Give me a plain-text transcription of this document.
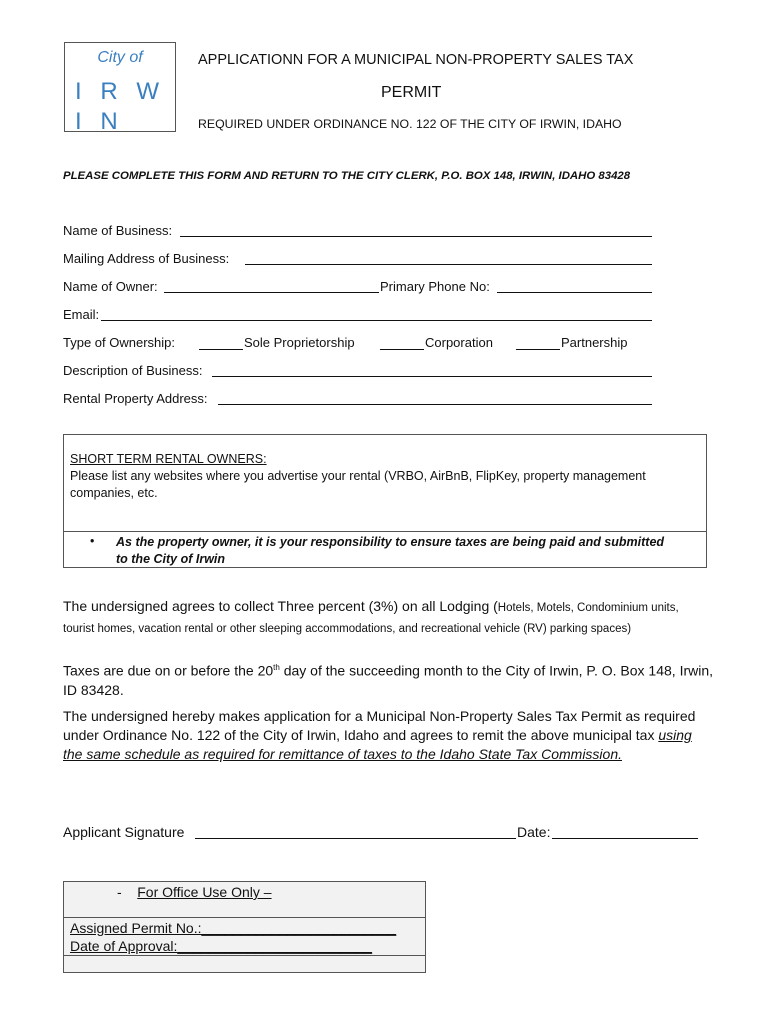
City of
I R W I N
APPLICATIONN FOR A MUNICIPAL NON-PROPERTY SALES TAX
PERMIT
REQUIRED UNDER ORDINANCE NO. 122 OF THE CITY OF IRWIN, IDAHO
PLEASE COMPLETE THIS FORM AND RETURN TO THE CITY CLERK, P.O. BOX 148, IRWIN, IDAHO 83428
Name of Business:
Mailing Address of Business:
Name of Owner:	Primary Phone No:
Email:
Type of Ownership:	Sole Proprietorship	Corporation	Partnership
Description of Business:
Rental Property Address:
SHORT TERM RENTAL OWNERS:
Please list any websites where you advertise your rental (VRBO, AirBnB, FlipKey, property management companies, etc.
• As the property owner, it is your responsibility to ensure taxes are being paid and submitted to the City of Irwin
The undersigned agrees to collect Three percent (3%) on all Lodging (Hotels, Motels, Condominium units, tourist homes, vacation rental or other sleeping accommodations, and recreational vehicle (RV) parking spaces)
Taxes are due on or before the 20th day of the succeeding month to the City of Irwin, P. O. Box 148, Irwin, ID 83428.
The undersigned hereby makes application for a Municipal Non-Property Sales Tax Permit as required under Ordinance No. 122 of the City of Irwin, Idaho and agrees to remit the above municipal tax using the same schedule as required for remittance of taxes to the Idaho State Tax Commission.
Applicant Signature	Date:
- For Office Use Only –
Assigned Permit No.:_________________________
Date of Approval:_________________________
